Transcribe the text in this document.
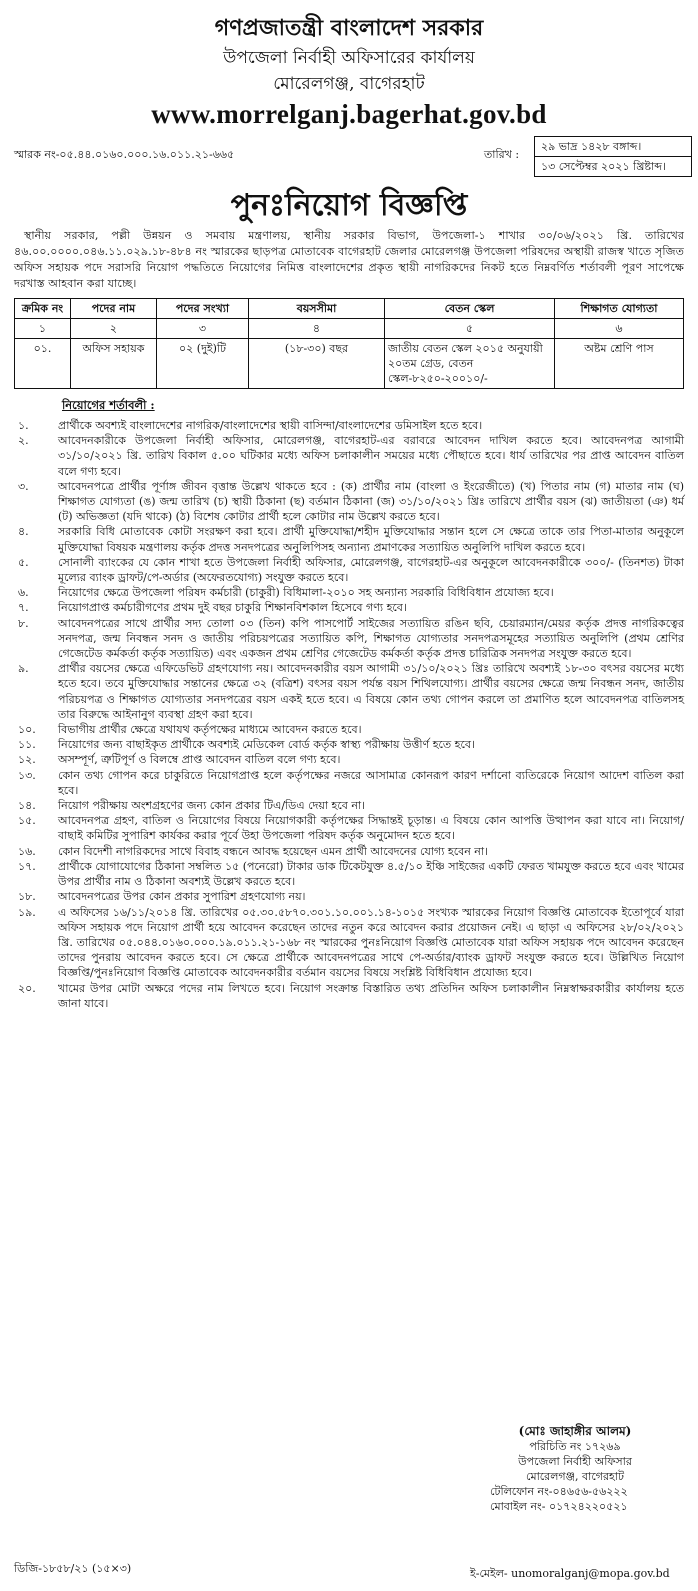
গণপ্রজাতন্ত্রী বাংলাদেশ সরকার
উপজেলা নির্বাহী অফিসারের কার্যালয়
মোরেলগঞ্জ, বাগেরহাট
www.morrelganj.bagerhat.gov.bd
স্মারক নং-০৫.৪৪.০১৬০.০০০.১৬.০১১.২১-৬৬৫	তারিখ :
২৯ ভাদ্র ১৪২৮ বঙ্গাব্দ।
১৩ সেপ্টেম্বর ২০২১ খ্রিষ্টাব্দ।
পুনঃনিয়োগ বিজ্ঞপ্তি
স্থানীয় সরকার, পল্লী উন্নয়ন ও সমবায় মন্ত্রণালয়, স্থানীয় সরকার বিভাগ, উপজেলা-১ শাখার ৩০/০৬/২০২১ খ্রি. তারিখের ৪৬.০০.০০০০.০৪৬.১১.০২৯.১৮-৪৮৪ নং স্মারকের ছাড়পত্র মোতাবেক বাগেরহাট জেলার মোরেলগঞ্জ উপজেলা পরিষদের অস্থায়ী রাজস্ব খাতে সৃজিত অফিস সহায়ক পদে সরাসরি নিয়োগ পদ্ধতিতে নিয়োগের নিমিত্ত বাংলাদেশের প্রকৃত স্থায়ী নাগরিকদের নিকট হতে নিম্নবর্ণিত শর্তাবলী পূরণ সাপেক্ষে দরখাস্ত আহবান করা যাচ্ছে।
ক্রমিক নং	পদের নাম	পদের সংখ্যা	বয়সসীমা	বেতন স্কেল	শিক্ষাগত যোগ্যতা
১	২	৩	৪	৫	৬
০১.	অফিস সহায়ক	০২ (দুই)টি	(১৮-৩০) বছর	জাতীয় বেতন স্কেল ২০১৫ অনুযায়ী ২০তম গ্রেড, বেতন স্কেল-৮২৫০-২০০১০/-	অষ্টম শ্রেণি পাস
নিয়োগের শর্তাবলী :
১.	প্রার্থীকে অবশ্যই বাংলাদেশের নাগরিক/বাংলাদেশের স্থায়ী বাসিন্দা/বাংলাদেশের ডমিসাইল হতে হবে।
২.	আবেদনকারীকে উপজেলা নির্বাহী অফিসার, মোরেলগঞ্জ, বাগেরহাট-এর বরাবরে আবেদন দাখিল করতে হবে। আবেদনপত্র আগামী ৩১/১০/২০২১ খ্রি. তারিখ বিকাল ৫.০০ ঘটিকার মধ্যে অফিস চলাকালীন সময়ের মধ্যে পৌছাতে হবে। ধার্য তারিখের পর প্রাপ্ত আবেদন বাতিল বলে গণ্য হবে।
৩.	আবেদনপত্রে প্রার্থীর পূর্ণাঙ্গ জীবন বৃত্তান্ত উল্লেখ থাকতে হবে : (ক) প্রার্থীর নাম (বাংলা ও ইংরেজীতে) (খ) পিতার নাম (গ) মাতার নাম (ঘ) শিক্ষাগত যোগ্যতা (ঙ) জন্ম তারিখ (চ) স্থায়ী ঠিকানা (ছ) বর্তমান ঠিকানা (জ) ৩১/১০/২০২১ খ্রিঃ তারিখে প্রার্থীর বয়স (ঝ) জাতীয়তা (ঞ) ধর্ম (ট) অভিজ্ঞতা (যদি থাকে) (ঠ) বিশেষ কোটার প্রার্থী হলে কোটার নাম উল্লেখ করতে হবে।
৪.	সরকারি বিধি মোতাবেক কোটা সংরক্ষণ করা হবে। প্রার্থী মুক্তিযোদ্ধা/শহীদ মুক্তিযোদ্ধার সন্তান হলে সে ক্ষেত্রে তাকে তার পিতা-মাতার অনুকূলে মুক্তিযোদ্ধা বিষয়ক মন্ত্রণালয় কর্তৃক প্রদত্ত সনদপত্রের অনুলিপিসহ অন্যান্য প্রমাণকের সত্যায়িত অনুলিপি দাখিল করতে হবে।
৫.	সোনালী ব্যাংকের যে কোন শাখা হতে উপজেলা নির্বাহী অফিসার, মোরেলগঞ্জ, বাগেরহাট-এর অনুকূলে আবেদনকারীকে ৩০০/- (তিনশত) টাকা মূল্যের ব্যাংক ড্রাফট/পে-অর্ডার (অফেরতযোগ্য) সংযুক্ত করতে হবে।
৬.	নিয়োগের ক্ষেত্রে উপজেলা পরিষদ কর্মচারী (চাকুরী) বিধিমালা-২০১০ সহ অন্যান্য সরকারি বিধিবিধান প্রযোজ্য হবে।
৭.	নিয়োগপ্রাপ্ত কর্মচারীগণের প্রথম দুই বছর চাকুরি শিক্ষানবিশকাল হিসেবে গণ্য হবে।
৮.	আবেদনপত্রের সাথে প্রার্থীর সদ্য তোলা ০৩ (তিন) কপি পাসপোর্ট সাইজের সত্যায়িত রঙিন ছবি, চেয়ারম্যান/মেয়র কর্তৃক প্রদত্ত নাগরিকত্বের সনদপত্র, জন্ম নিবন্ধন সনদ ও জাতীয় পরিচয়পত্রের সত্যায়িত কপি, শিক্ষাগত যোগ্যতার সনদপত্রসমূহের সত্যায়িত অনুলিপি (প্রথম শ্রেণির গেজেটেড কর্মকর্তা কর্তৃক সত্যায়িত) এবং একজন প্রথম শ্রেণির গেজেটেড কর্মকর্তা কর্তৃক প্রদত্ত চারিত্রিক সনদপত্র সংযুক্ত করতে হবে।
৯.	প্রার্থীর বয়সের ক্ষেত্রে এফিডেভিট গ্রহণযোগ্য নয়। আবেদনকারীর বয়স আগামী ৩১/১০/২০২১ খ্রিঃ তারিখে অবশ্যই ১৮-৩০ বৎসর বয়সের মধ্যে হতে হবে। তবে মুক্তিযোদ্ধার সন্তানের ক্ষেত্রে ৩২ (বত্রিশ) বৎসর বয়স পর্যন্ত বয়স শিথিলযোগ্য। প্রার্থীর বয়সের ক্ষেত্রে জন্ম নিবন্ধন সনদ, জাতীয় পরিচয়পত্র ও শিক্ষাগত যোগ্যতার সনদপত্রের বয়স একই হতে হবে। এ বিষয়ে কোন তথ্য গোপন করলে তা প্রমাণিত হলে আবেদনপত্র বাতিলসহ তার বিরুদ্ধে আইনানুগ ব্যবস্থা গ্রহণ করা হবে।
১০.	বিভাগীয় প্রার্থীর ক্ষেত্রে যথাযথ কর্তৃপক্ষের মাধ্যমে আবেদন করতে হবে।
১১.	নিয়োগের জন্য বাছাইকৃত প্রার্থীকে অবশ্যই মেডিকেল বোর্ড কর্তৃক স্বাস্থ্য পরীক্ষায় উত্তীর্ণ হতে হবে।
১২.	অসম্পূর্ণ, ত্রুটিপূর্ণ ও বিলম্বে প্রাপ্ত আবেদন বাতিল বলে গণ্য হবে।
১৩.	কোন তথ্য গোপন করে চাকুরিতে নিয়োগপ্রাপ্ত হলে কর্তৃপক্ষের নজরে আসামাত্র কোনরূপ কারণ দর্শানো ব্যতিরেকে নিয়োগ আদেশ বাতিল করা হবে।
১৪.	নিয়োগ পরীক্ষায় অংশগ্রহণের জন্য কোন প্রকার টিএ/ডিএ দেয়া হবে না।
১৫.	আবেদনপত্র গ্রহণ, বাতিল ও নিয়োগের বিষয়ে নিয়োগকারী কর্তৃপক্ষের সিদ্ধান্তই চূড়ান্ত। এ বিষয়ে কোন আপত্তি উত্থাপন করা যাবে না। নিয়োগ/বাছাই কমিটির সুপারিশ কার্যকর করার পূর্বে উহা উপজেলা পরিষদ কর্তৃক অনুমোদন হতে হবে।
১৬.	কোন বিদেশী নাগরিকদের সাথে বিবাহ বন্ধনে আবদ্ধ হয়েছেন এমন প্রার্থী আবেদনের যোগ্য হবেন না।
১৭.	প্রার্থীকে যোগাযোগের ঠিকানা সম্বলিত ১৫ (পনেরো) টাকার ডাক টিকেটযুক্ত ৪.৫/১০ ইঞ্চি সাইজের একটি ফেরত খামযুক্ত করতে হবে এবং খামের উপর প্রার্থীর নাম ও ঠিকানা অবশ্যই উল্লেখ করতে হবে।
১৮.	আবেদনপত্রের উপর কোন প্রকার সুপারিশ গ্রহণযোগ্য নয়।
১৯.	এ অফিসের ১৬/১১/২০১৪ খ্রি. তারিখের ০৫.৩০.৫৮৭০.৩০১.১০.০০১.১৪-১০১৫ সংখ্যক স্মারকের নিয়োগ বিজ্ঞপ্তি মোতাবেক ইতোপূর্বে যারা অফিস সহায়ক পদে নিয়োগ প্রার্থী হয়ে আবেদন করেছেন তাদের নতুন করে আবেদন করার প্রয়োজন নেই। এ ছাড়া এ অফিসের ২৮/০২/২০২১ খ্রি. তারিখের ০৫.০৪৪.০১৬০.০০০.১৯.০১১.২১-১৬৮ নং স্মারকের পুনঃনিয়োগ বিজ্ঞপ্তি মোতাবেক যারা অফিস সহায়ক পদে আবেদন করেছেন তাদের পুনরায় আবেদন করতে হবে। সে ক্ষেত্রে প্রার্থীকে আবেদনপত্রের সাথে পে-অর্ডার/ব্যাংক ড্রাফট সংযুক্ত করতে হবে। উল্লিখিত নিয়োগ বিজ্ঞপ্তি/পুনঃনিয়োগ বিজ্ঞপ্তি মোতাবেক আবেদনকারীর বর্তমান বয়সের বিষয়ে সংশ্লিষ্ট বিধিবিধান প্রযোজ্য হবে।
২০.	খামের উপর মোটা অক্ষরে পদের নাম লিখতে হবে। নিয়োগ সংক্রান্ত বিস্তারিত তথ্য প্রতিদিন অফিস চলাকালীন নিম্নস্বাক্ষরকারীর কার্যালয় হতে জানা যাবে।
(মোঃ জাহাঙ্গীর আলম)
পরিচিতি নং ১৭২৬৯
উপজেলা নির্বাহী অফিসার
মোরেলগঞ্জ, বাগেরহাট
টেলিফোন নং-০৪৬৫৬-৫৬২২২
মোবাইল নং- ০১৭২৪২২০৫২১
ডিজি-১৮৫৮/২১ (১৫×৩)	ই-মেইল- unomoralganj@mopa.gov.bd
